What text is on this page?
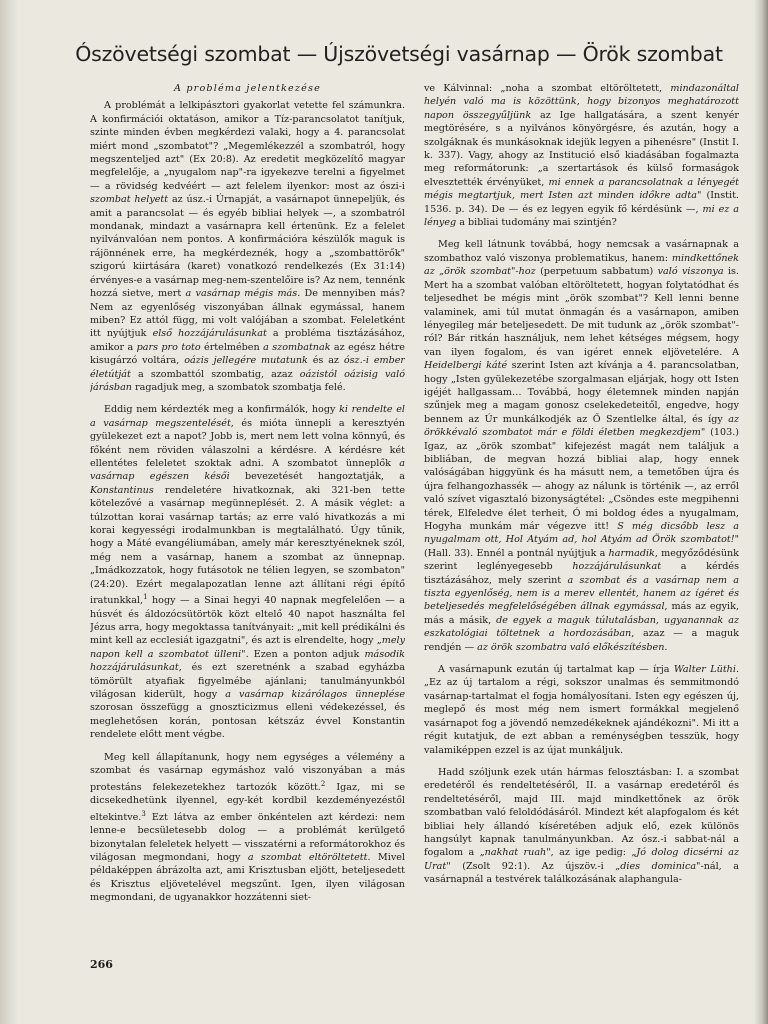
Ószövetségi szombat — Újszövetségi vasárnap — Örök szombat
A probléma jelentkezése

A problémát a lelkipásztori gyakorlat vetette fel számunkra. A konfirmációi oktatáson, amikor a Tíz-parancsolatot tanítjuk, szinte minden évben megkérdezi valaki, hogy a 4. parancsolat miért mond „szombatot"? „Megemlékezzél a szombatról, hogy megszenteljed azt" (Ex 20:8). Az eredetit megközelítő magyar megfelelője, a „nyugalom nap"-ra igyekezve terelni a figyelmet — a rövidség kedvéért — azt felelem ilyenkor: most az ószi-i szombat helyett az úsz.-i Úrnapját, a vasárnapot ünnepeljük, és amit a parancsolat — és egyéb bibliai helyek —, a szombatról mondanak, mindazt a vasárnapra kell értenünk. Ez a felelet nyilvánvalóan nem pontos. A konfirmációra készülők maguk is rájönnének erre, ha megkérdeznék, hogy a „szombattörők" szigorú kiirtására (karet) vonatkozó rendelkezés (Ex 31:14) érvényes-e a vasárnap meg-nem-szentelőire is? Az nem, tennénk hozzá sietve, mert a vasárnap mégis más. De mennyiben más? Nem az egyenlőség viszonyában állnak egymással, hanem miben? Ez attól függ, mi volt valójában a szombat. Feleletként itt nyújtjuk első hozzájárulásunkat a probléma tisztázásához, amikor a pars pro toto értelmében a szombatnak az egész hétre kisugárzó voltára, oázis jellegére mutatunk és az ósz.-i ember életútját a szombattól szombatig, azaz oázistól oázisig való járásban ragadjuk meg, a szombatok szombatja felé.

Eddig nem kérdezték meg a konfirmálók, hogy ki rendelte el a vasárnap megszentelését, és mióta ünnepli a keresztyén gyülekezet ezt a napot? Jobb is, mert nem lett volna könnyű, és főként nem röviden válaszolni a kérdésre. A kérdésre két ellentétes feleletet szoktak adni. A szombatot ünneplők a vasárnap egészen késői bevezetését hangoztatják, a Konstantinus rendeletére hivatkoznak, aki 321-ben tette kötelezővé a vasárnap megünneplését. 2. A másik véglet: a túlzottan korai vasárnap tartás; az erre való hivatkozás a mi korai kegyességi irodalmunkban is megtalálható. Úgy tűnik, hogy a Máté evangéliumában, amely már keresztyéneknek szól, még nem a vasárnap, hanem a szombat az ünnepnap. „Imádkozzatok, hogy futásotok ne télien legyen, se szombaton" (24:20). Ezért megalapozatlan lenne azt állítani régi építő iratunkkal,$^1$ hogy — a Sinai hegyi 40 napnak megfelelően — a húsvét és áldozócsütörtök közt eltelő 40 napot használta fel Jézus arra, hogy megoktassa tanítványait: „mit kell prédikálni és mint kell az ecclesiát igazgatni", és azt is elrendelte, hogy „mely napon kell a szombatot ülleni". Ezen a ponton adjuk második hozzájárulásunkat, és ezt szeretnénk a szabad egyházba tömörült atyafiak figyelmébe ajánlani; tanulmányunkból világosan kiderült, hogy a vasárnap kizárólagos ünneplése szorosan összefügg a gnoszticizmus elleni védekezéssel, és meglehetősen korán, pontosan kétszáz évvel Konstantin rendelete előtt ment végbe.

Meg kell állapítanunk, hogy nem egységes a vélemény a szombat és vasárnap egymáshoz való viszonyában a más protestáns felekezetekhez tartozók között.$^2$ Igaz, mi se dicsekedhetünk ilyennel, egy-két kordbil kezdeményezéstől eltekintve.$^3$ Ezt látva az ember önkéntelen azt kérdezi: nem lenne-e becsületesebb dolog — a problémát kerülgető bizonytalan feleletek helyett — visszatérni a reformátorokhoz és világosan megmondani, hogy a szombat eltöröltetett. Mivel példaképpen ábrázolta azt, ami Krisztusban eljött, beteljesedett és Krisztus eljövetelével megszűnt. Igen, ilyen világosan megmondani, de ugyanakkor hozzátenni siet-

ve Kálvinnal: „noha a szombat eltöröltetett, mindazonáltal helyén való ma is közöttünk, hogy bizonyos meghatározott napon összegyűljünk az Ige hallgatására, a szent kenyér megtörésére, s a nyilvános könyörgésre, és azután, hogy a szolgáknak és munkásoknak idejük legyen a pihenésre" (Instit I. k. 337). Vagy, ahogy az Institució első kiadásában fogalmazta meg reformátorunk: „a szertartások és külső formaságok elvesztették érvényüket, mi ennek a parancsolatnak a lényegét mégis megtartjuk, mert Isten azt minden időkre adta" (Instit. 1536. p. 34). De — és ez legyen egyik fő kérdésünk —, mi ez a lényeg a bibliai tudomány mai szintjén?

Meg kell látnunk továbbá, hogy nemcsak a vasárnapnak a szombathoz való viszonya problematikus, hanem: mindkettőnek az „örök szombat"-hoz (perpetuum sabbatum) való viszonya is. Mert ha a szombat valóban eltöröltetett, hogyan folytatódhat és teljesedhet be mégis mint „örök szombat"? Kell lenni benne valaminek, ami túl mutat önmagán és a vasárnapon, amiben lényegileg már beteljesedett. De mit tudunk az „örök szombat"-ról? Bár ritkán használjuk, nem lehet kétséges mégsem, hogy van ilyen fogalom, és van igéret ennek eljövetelére. A Heidelbergi káté szerint Isten azt kívánja a 4. parancsolatban, hogy „Isten gyülekezetébe szorgalmasan eljárjak, hogy ott Isten igéjét hallgassam… Továbbá, hogy életemnek minden napján szűnjek meg a magam gonosz cselekedeteitől, engedve, hogy bennem az Úr munkálkodjék az Ő Szentlelke által, és így az örökkévaló szombatot már e földi életben megkezdjem" (103.) Igaz, az „örök szombat" kifejezést magát nem találjuk a bibliában, de megvan hozzá bibliai alap, hogy ennek valóságában higgyünk és ha másutt nem, a temetőben újra és újra felhangozhassék — ahogy az nálunk is történik —, az erről való szívet vigasztaló bizonyságtétel: „Csöndes este megpihenni térek, Elfeledve élet terheit, Ó mi boldog édes a nyugalmam, Hogyha munkám már végezve itt! S még dicsőbb lesz a nyugalmam ott, Hol Atyám ad, hol Atyám ad Örök szombatot!" (Hall. 33). Ennél a pontnál nyújtjuk a harmadik, megyőződésünk szerint leglényegesebb hozzájárulásunkat a kérdés tisztázásához, mely szerint a szombat és a vasárnap nem a tiszta egyenlőség, nem is a merev ellentét, hanem az ígéret és beteljesedés megfelelőségében állnak egymással, más az egyik, más a másik, de egyek a maguk túlutalásban, ugyanannak az eszkatológiai töltetnek a hordozásában, azaz — a maguk rendjén — az örök szombatra való előkészítésben.

A vasárnapunk ezután új tartalmat kap — írja Walter Lüthi. „Ez az új tartalom a régi, sokszor unalmas és semmitmondó vasárnap-tartalmat el fogja homályosítani. Isten egy egészen új, meglepő és most még nem ismert formákkal megjelenő vasárnapot fog a jövendő nemzedékeknek ajándékozni". Mi itt a régit kutatjuk, de ezt abban a reménységben tesszük, hogy valamiképpen ezzel is az újat munkáljuk.

Hadd szóljunk ezek után hármas felosztásban: I. a szombat eredetéről és rendeltetéséről, II. a vasárnap eredetéről és rendeltetéséről, majd III. majd mindkettőnek az örök szombatban való feloldódásáról. Mindezt két alapfogalom és két bibliai hely állandó kíséretében adjuk elő, ezek különös hangsúlyt kapnak tanulmányunkban. Az ósz.-i sabbat-nál a fogalom a „nakhat ruah", az ige pedig: „Jó dolog dicsérni az Urat" (Zsolt 92:1). Az újszöv.-i „dies dominica"-nál, a vasárnapnál a testvérek találkozásának alaphangula-

266
